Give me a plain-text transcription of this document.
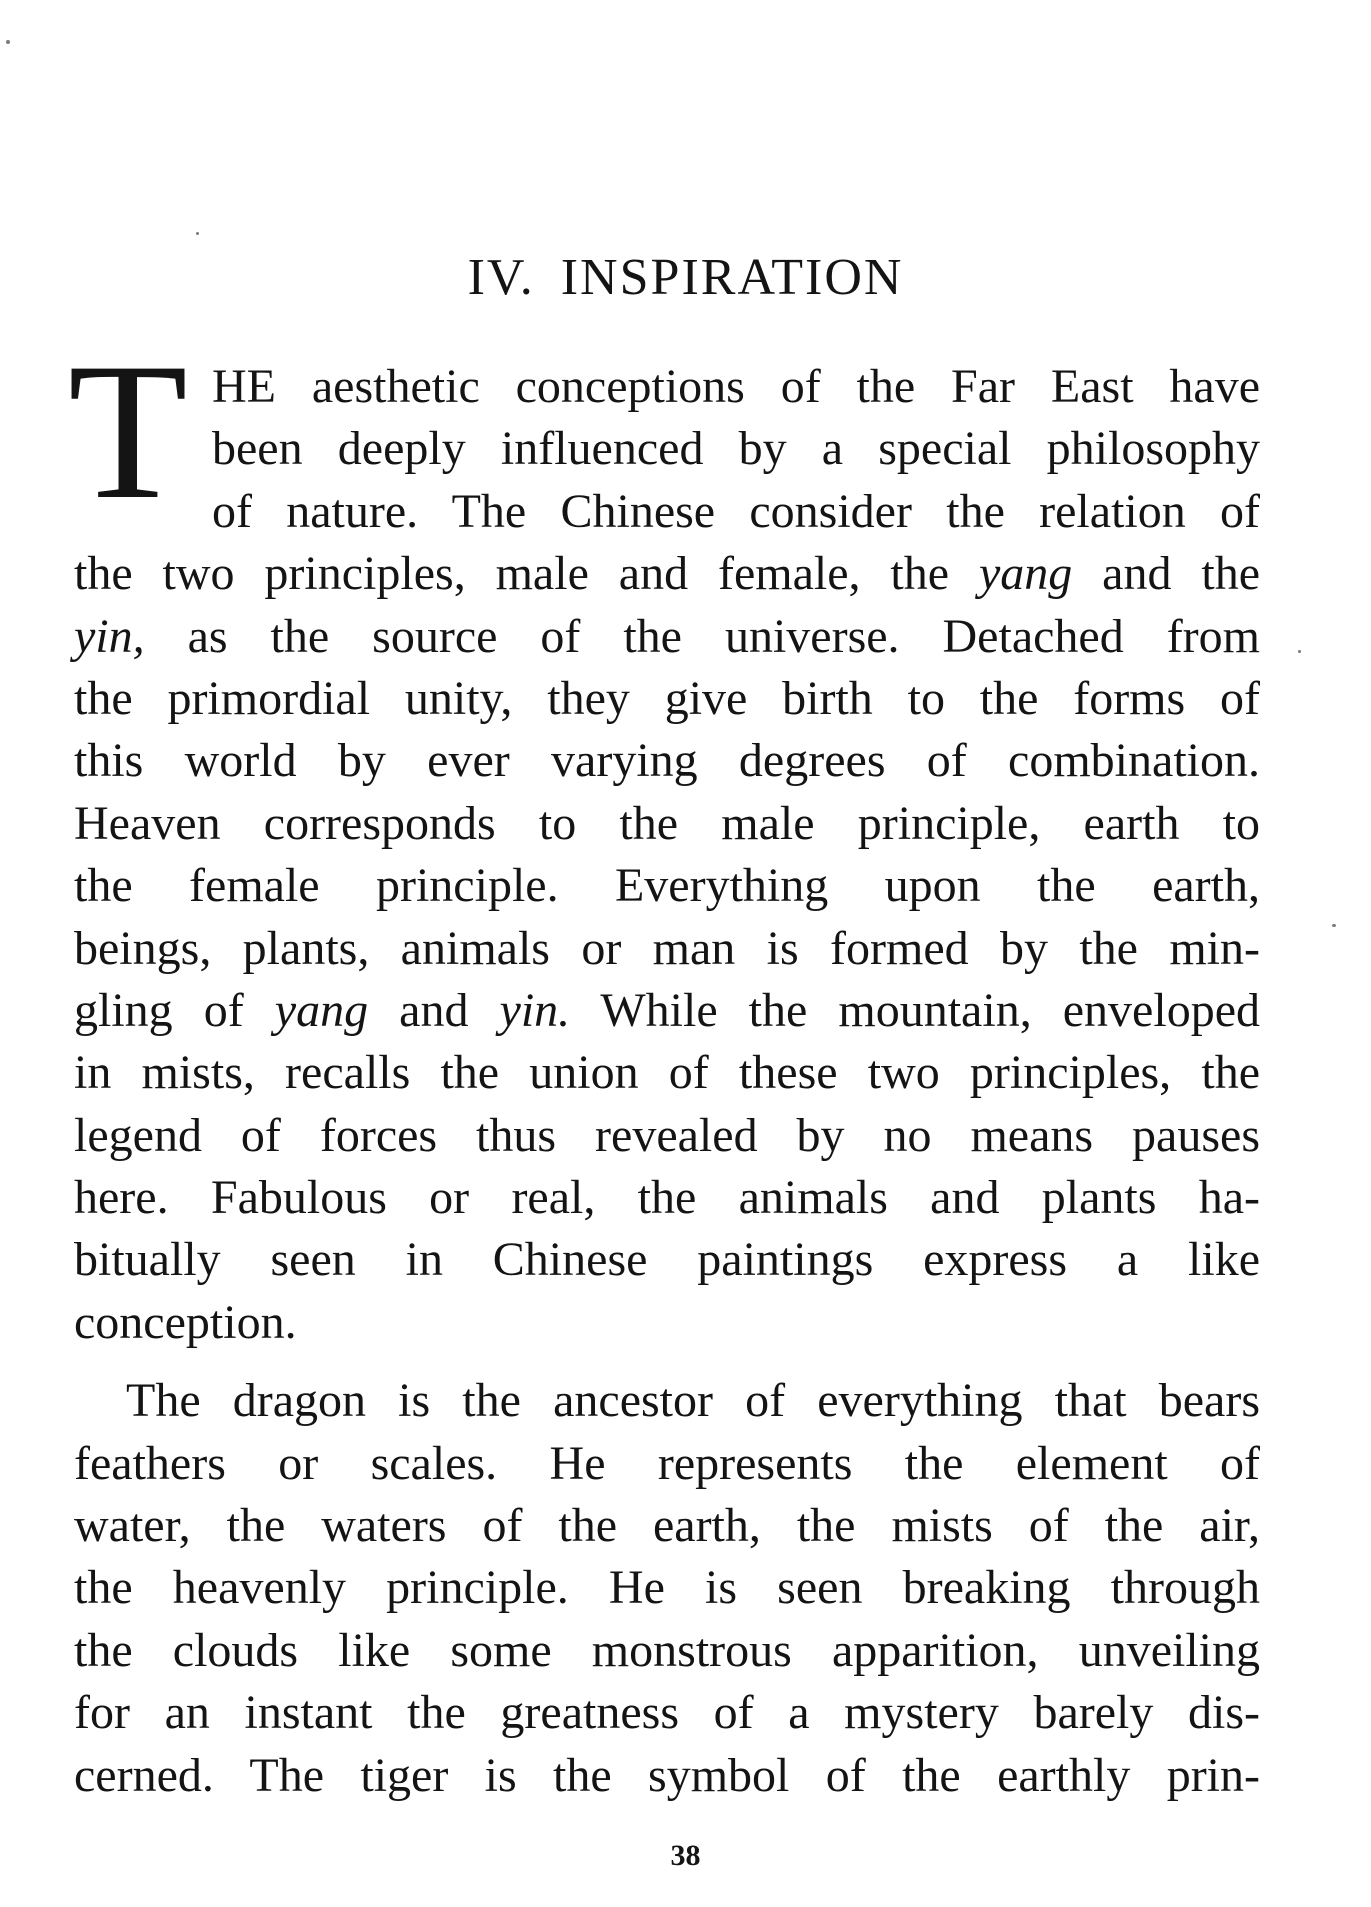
IV. INSPIRATION
T HE aesthetic conceptions of the Far East have
been deeply influenced by a special philosophy
of nature. The Chinese consider the relation of
the two principles, male and female, the yang and the
yin, as the source of the universe. Detached from
the primordial unity, they give birth to the forms of
this world by ever varying degrees of combination.
Heaven corresponds to the male principle, earth to
the female principle. Everything upon the earth,
beings, plants, animals or man is formed by the min-
gling of yang and yin. While the mountain, enveloped
in mists, recalls the union of these two principles, the
legend of forces thus revealed by no means pauses
here. Fabulous or real, the animals and plants ha-
bitually seen in Chinese paintings express a like
conception.
The dragon is the ancestor of everything that bears
feathers or scales. He represents the element of
water, the waters of the earth, the mists of the air,
the heavenly principle. He is seen breaking through
the clouds like some monstrous apparition, unveiling
for an instant the greatness of a mystery barely dis-
cerned. The tiger is the symbol of the earthly prin-
38
